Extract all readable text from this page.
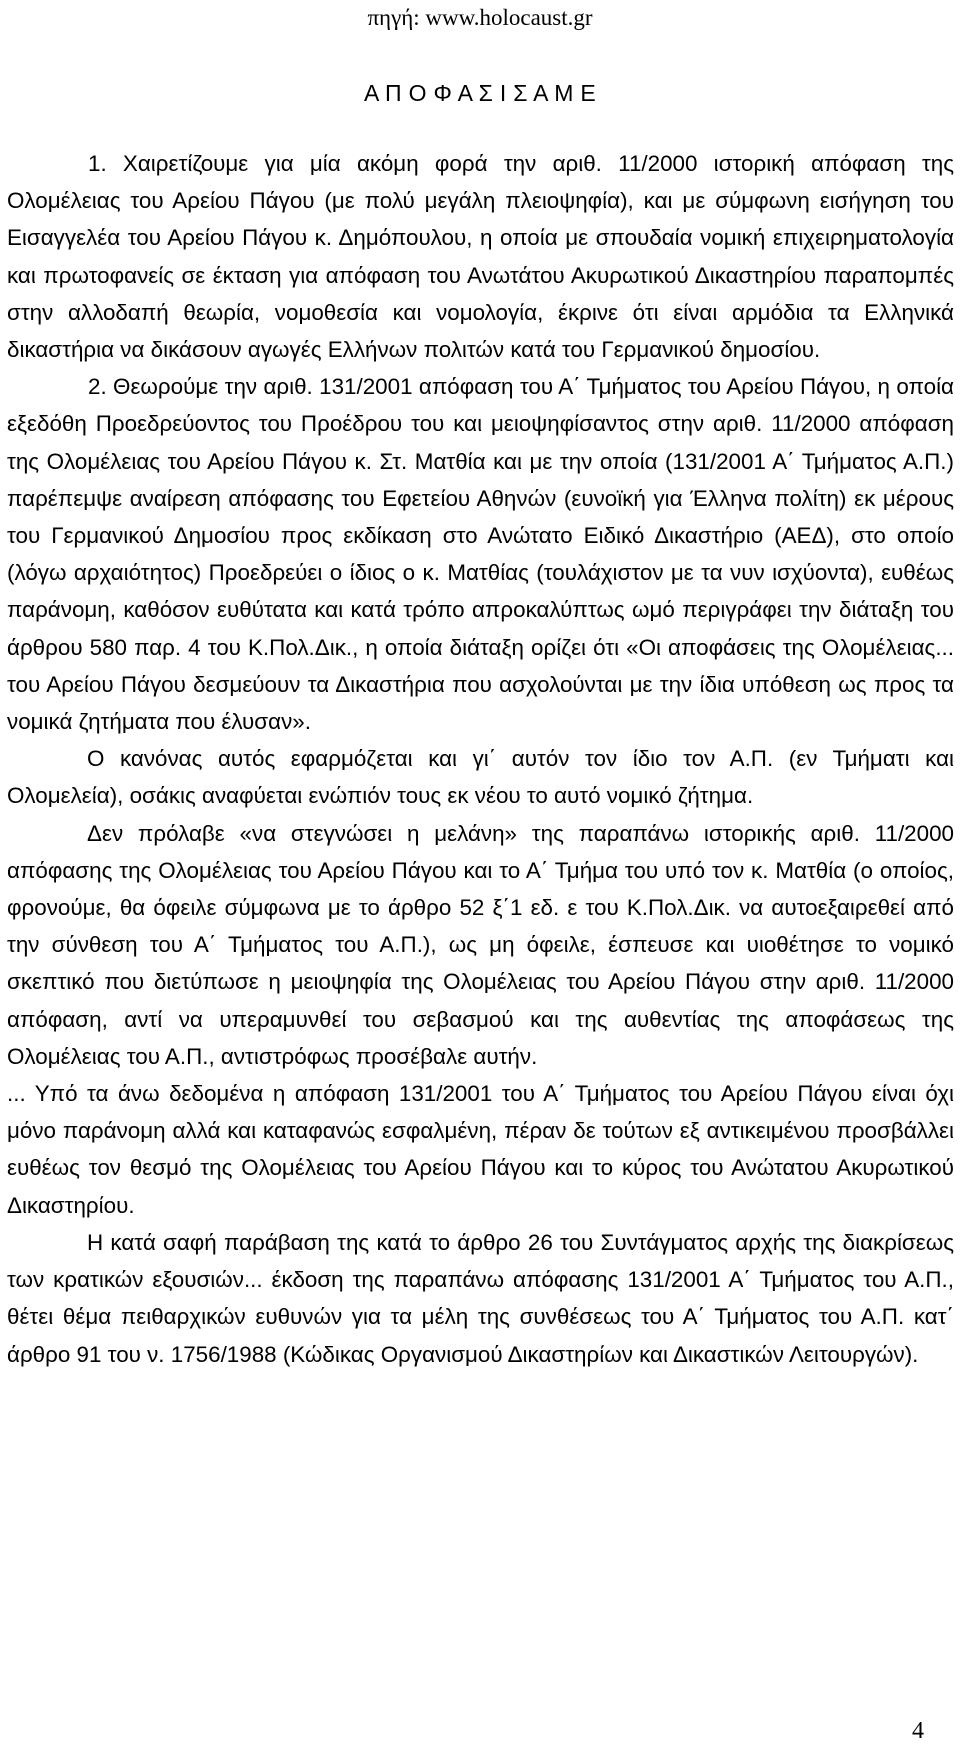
πηγή: www.holocaust.gr
Α Π Ο Φ Α Σ Ι Σ Α Μ Ε

1. Χαιρετίζουμε για μία ακόμη φορά την αριθ. 11/2000 ιστορική απόφαση της Ολομέλειας του Αρείου Πάγου (με πολύ μεγάλη πλειοψηφία), και με σύμφωνη εισήγηση του Εισαγγελέα του Αρείου Πάγου κ. Δημόπουλου, η οποία με σπουδαία νομική επιχειρηματολογία και πρωτοφανείς σε έκταση για απόφαση του Ανωτάτου Ακυρωτικού Δικαστηρίου παραπομπές στην αλλοδαπή θεωρία, νομοθεσία και νομολογία, έκρινε ότι είναι αρμόδια τα Ελληνικά δικαστήρια να δικάσουν αγωγές Ελλήνων πολιτών κατά του Γερμανικού δημοσίου.

2. Θεωρούμε την αριθ. 131/2001 απόφαση του Α΄ Τμήματος του Αρείου Πάγου, η οποία εξεδόθη Προεδρεύοντος του Προέδρου του και μειοψηφίσαντος στην αριθ. 11/2000 απόφαση της Ολομέλειας του Αρείου Πάγου κ. Στ. Ματθία και με την οποία (131/2001 Α΄ Τμήματος Α.Π.) παρέπεμψε αναίρεση απόφασης του Εφετείου Αθηνών (ευνοϊκή για Έλληνα πολίτη) εκ μέρους του Γερμανικού Δημοσίου προς εκδίκαση στο Ανώτατο Ειδικό Δικαστήριο (ΑΕΔ), στο οποίο (λόγω αρχαιότητος) Προεδρεύει ο ίδιος ο κ. Ματθίας (τουλάχιστον με τα νυν ισχύοντα), ευθέως παράνομη, καθόσον ευθύτατα και κατά τρόπο απροκαλύπτως ωμό περιγράφει την διάταξη του άρθρου 580 παρ. 4 του Κ.Πολ.Δικ., η οποία διάταξη ορίζει ότι «Οι αποφάσεις της Ολομέλειας... του Αρείου Πάγου δεσμεύουν τα Δικαστήρια που ασχολούνται με την ίδια υπόθεση ως προς τα νομικά ζητήματα που έλυσαν».

Ο κανόνας αυτός εφαρμόζεται και γι΄ αυτόν τον ίδιο τον Α.Π. (εν Τμήματι και Ολομελεία), οσάκις αναφύεται ενώπιόν τους εκ νέου το αυτό νομικό ζήτημα.

Δεν πρόλαβε «να στεγνώσει η μελάνη» της παραπάνω ιστορικής αριθ. 11/2000 απόφασης της Ολομέλειας του Αρείου Πάγου και το Α΄ Τμήμα του υπό τον κ. Ματθία (ο οποίος, φρονούμε, θα όφειλε σύμφωνα με το άρθρο 52 ξ΄1 εδ. ε του Κ.Πολ.Δικ. να αυτοεξαιρεθεί από την σύνθεση του Α΄ Τμήματος του Α.Π.), ως μη όφειλε, έσπευσε και υιοθέτησε το νομικό σκεπτικό που διετύπωσε η μειοψηφία της Ολομέλειας του Αρείου Πάγου στην αριθ. 11/2000 απόφαση, αντί να υπεραμυνθεί του σεβασμού και της αυθεντίας της αποφάσεως της Ολομέλειας του Α.Π., αντιστρόφως προσέβαλε αυτήν.

... Υπό τα άνω δεδομένα η απόφαση 131/2001 του Α΄ Τμήματος του Αρείου Πάγου είναι όχι μόνο παράνομη αλλά και καταφανώς εσφαλμένη, πέραν δε τούτων εξ αντικειμένου προσβάλλει ευθέως τον θεσμό της Ολομέλειας του Αρείου Πάγου και το κύρος του Ανώτατου Ακυρωτικού Δικαστηρίου.

Η κατά σαφή παράβαση της κατά το άρθρο 26 του Συντάγματος αρχής της διακρίσεως των κρατικών εξουσιών... έκδοση της παραπάνω απόφασης 131/2001 Α΄ Τμήματος του Α.Π., θέτει θέμα πειθαρχικών ευθυνών για τα μέλη της συνθέσεως του Α΄ Τμήματος του Α.Π. κατ΄ άρθρο 91 του ν. 1756/1988 (Κώδικας Οργανισμού Δικαστηρίων και Δικαστικών Λειτουργών).

4
